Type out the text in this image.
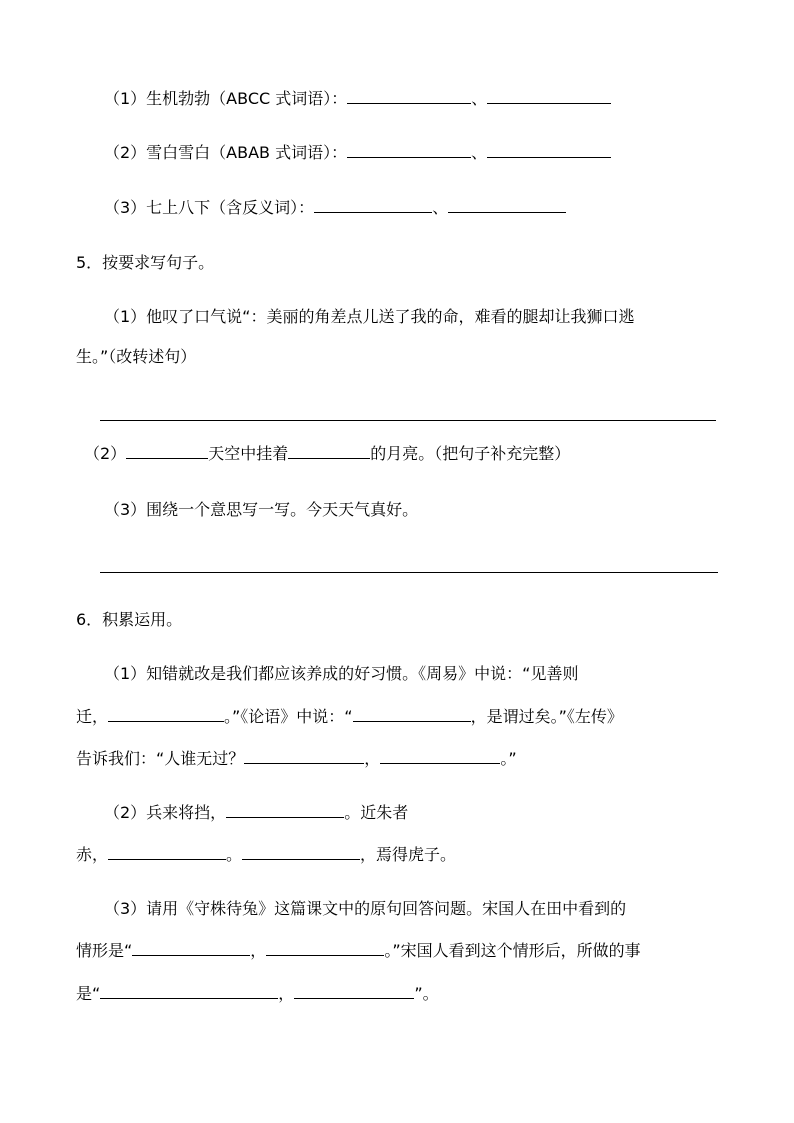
（1）生机勃勃（ABCC 式词语）：	、
（2）雪白雪白（ABAB 式词语）：	、
（3）七上八下（含反义词）：	、
5．按要求写句子。
（1）他叹了口气说“：美丽的角差点儿送了我的命，难看的腿却让我狮口逃
生。”（改转述句）
（2）	天空中挂着	的月亮。（把句子补充完整）
（3）围绕一个意思写一写。今天天气真好。
6．积累运用。
（1）知错就改是我们都应该养成的好习惯。《周易》中说：“见善则
迁，	。”《论语》中说：“	，是谓过矣。”《左传》
告诉我们：“人谁无过？	，	。”
（2）兵来将挡，	。近朱者
赤，	。	，焉得虎子。
（3）请用《守株待兔》这篇课文中的原句回答问题。宋国人在田中看到的
情形是“	，	。”宋国人看到这个情形后，所做的事
是“	，	”。
